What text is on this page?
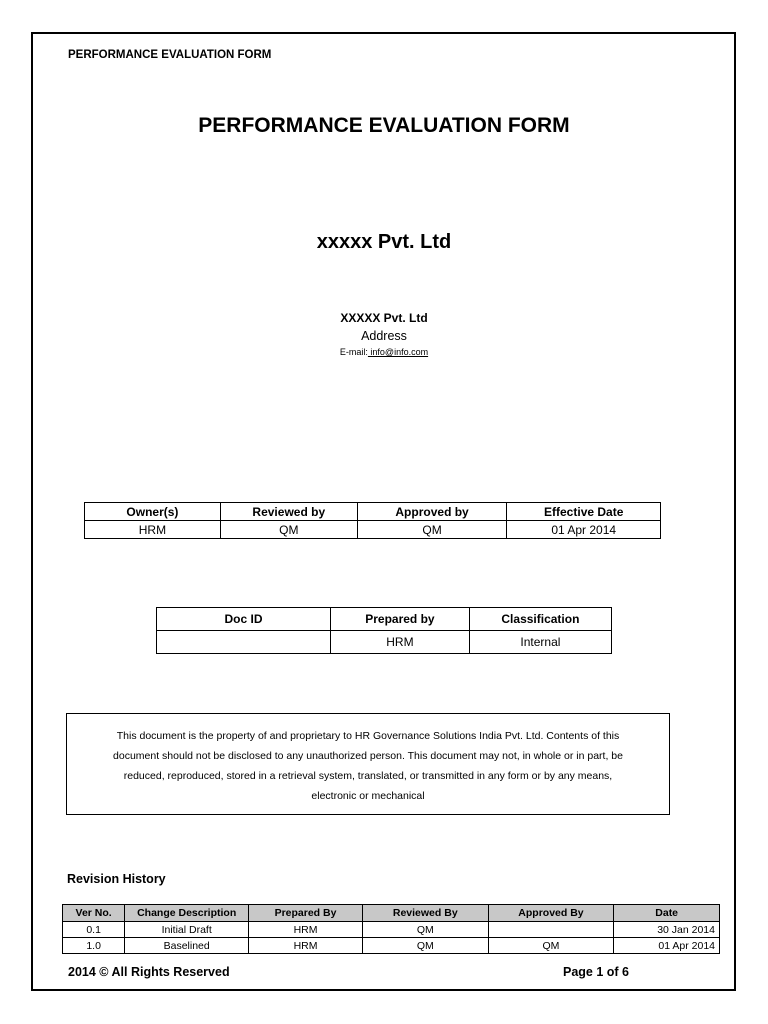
PERFORMANCE EVALUATION FORM
PERFORMANCE EVALUATION FORM
xxxxx Pvt. Ltd
XXXXX Pvt. Ltd
Address
E-mail: info@info.com
Owner(s)	Reviewed by	Approved by	Effective Date
HRM	QM	QM	01 Apr 2014
Doc ID	Prepared by	Classification
	HRM	Internal
This document is the property of and proprietary to HR Governance Solutions India Pvt. Ltd. Contents of this
document should not be disclosed to any unauthorized person. This document may not, in whole or in part, be
reduced, reproduced, stored in a retrieval system, translated, or transmitted in any form or by any means,
electronic or mechanical
Revision History
Ver No.	Change Description	Prepared By	Reviewed By	Approved By	Date
0.1	Initial Draft	HRM	QM		30 Jan 2014
1.0	Baselined	HRM	QM	QM	01 Apr 2014
2014 © All Rights Reserved	Page 1 of 6
